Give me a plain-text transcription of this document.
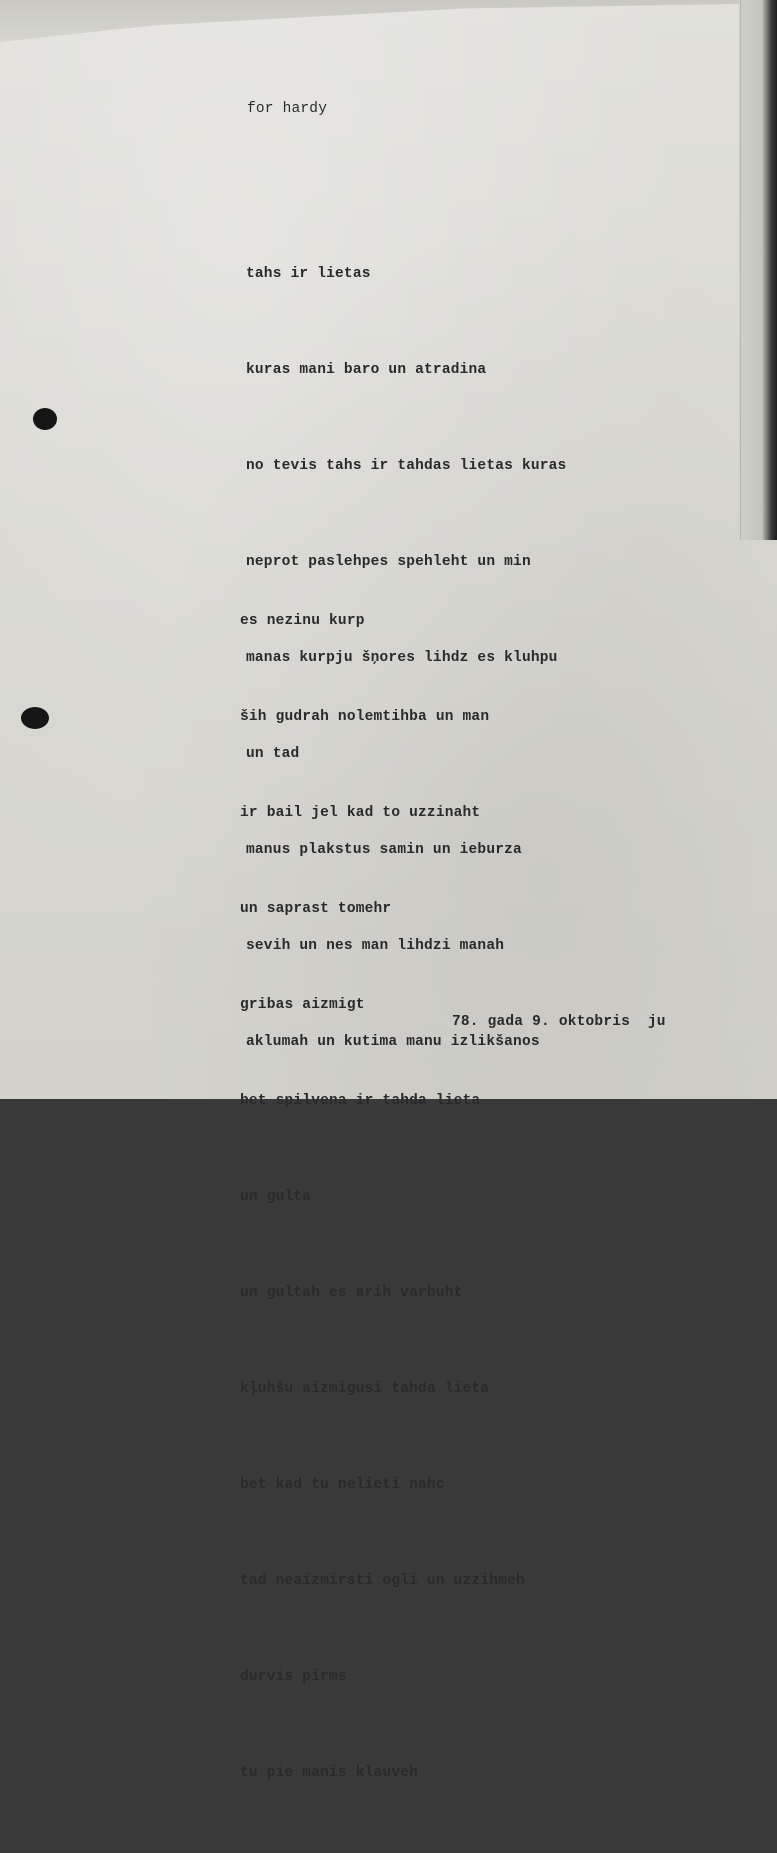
for hardy

tahs ir lietas

kuras mani baro un atradina

no tevis tahs ir tahdas lietas kuras

neprot paslehpes spehleht un min

manas kurpju šņores lihdz es kluhpu

un tad

manus plakstus samin un ieburza

sevih un nes man lihdzi manah

aklumah un kutima manu izlikšanos

es nezinu kurp

ših gudrah nolemtihba un man

ir bail jel kad to uzzinaht

un saprast tomehr

gribas aizmigt

bet spilvena ir tahda lieta

un gulta

un gultah es arih varbuht

kļuhšu aizmigusi tahda lieta

bet kad tu nelieti nahc

tad neaizmirsti ogli un uzzihmeh

durvis pirms

tu pie manis klauveh

78. gada 9. oktobris  ju
